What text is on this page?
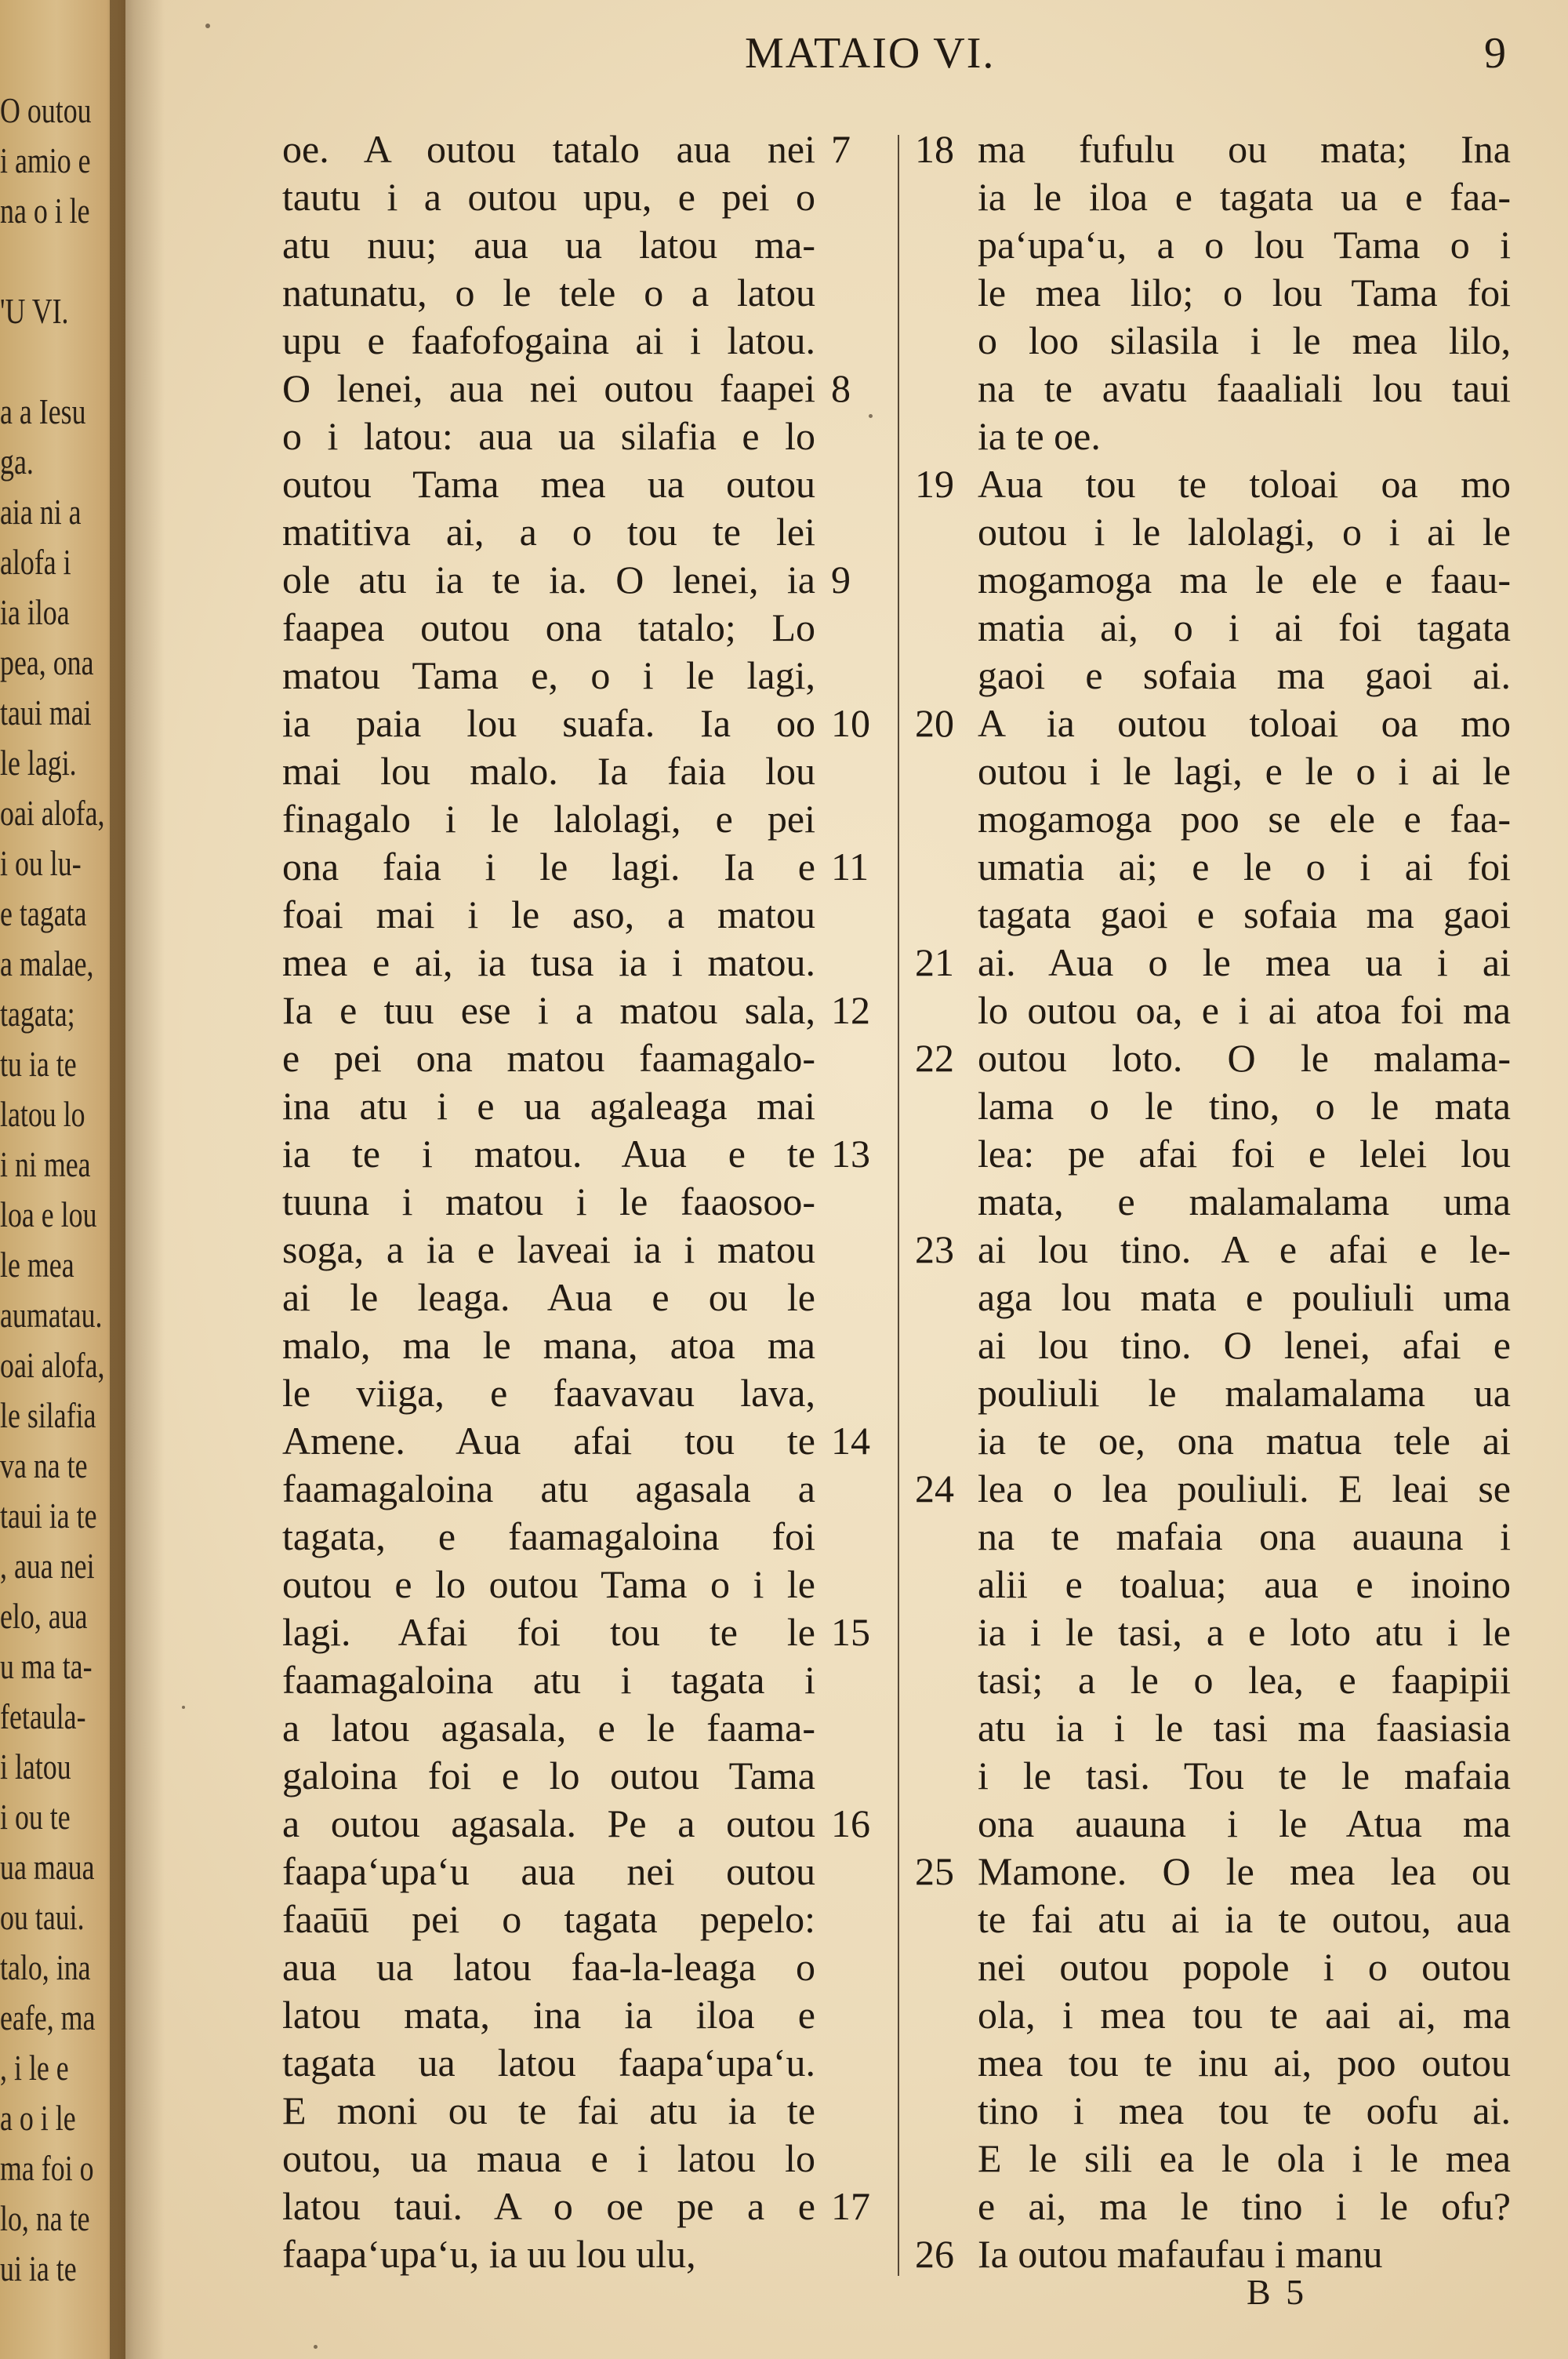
O outou
i amio e
na o i le
'U VI.
a a Iesu
ga.
aia ni a
alofa i
ia iloa
pea, ona
taui mai
le lagi.
oai alofa,
i ou lu-
e tagata
a malae,
tagata;
tu ia te
latou lo
i ni mea
loa e lou
le mea
aumatau.
oai alofa,
le silafia
va na te
taui ia te
, aua nei
elo, aua
u ma ta-
fetaula-
i latou
i ou te
ua maua
ou taui.
talo, ina
eafe, ma
, i le e
a o i le
ma foi o
lo, na te
ui ia te
MATAIO VI.	9
oe. A outou tatalo aua nei
tautu i a outou upu, e pei o
atu nuu; aua ua latou ma-
natunatu, o le tele o a latou
upu e faafofogaina ai i latou.
O lenei, aua nei outou faapei
o i latou: aua ua silafia e lo
outou Tama mea ua outou
matitiva ai, a o tou te lei
ole atu ia te ia. O lenei, ia
faapea outou ona tatalo; Lo
matou Tama e, o i le lagi,
ia paia lou suafa. Ia oo
mai lou malo. Ia faia lou
finagalo i le lalolagi, e pei
ona faia i le lagi. Ia e
foai mai i le aso, a matou
mea e ai, ia tusa ia i matou.
Ia e tuu ese i a matou sala,
e pei ona matou faamagalo-
ina atu i e ua agaleaga mai
ia te i matou. Aua e te
tuuna i matou i le faaosoo-
soga, a ia e laveai ia i matou
ai le leaga. Aua e ou le
malo, ma le mana, atoa ma
le viiga, e faavavau lava,
Amene. Aua afai tou te
faamagaloina atu agasala a
tagata, e faamagaloina foi
outou e lo outou Tama o i le
lagi. Afai foi tou te le
faamagaloina atu i tagata i
a latou agasala, e le faama-
galoina foi e lo outou Tama
a outou agasala. Pe a outou
faapa‘upa‘u aua nei outou
faaūū pei o tagata pepelo:
aua ua latou faa-la-leaga o
latou mata, ina ia iloa e
tagata ua latou faapa‘upa‘u.
E moni ou te fai atu ia te
outou, ua maua e i latou lo
latou taui. A o oe pe a e
faapa‘upa‘u, ia uu lou ulu,
ma fufulu ou mata; Ina
ia le iloa e tagata ua e faa-
pa‘upa‘u, a o lou Tama o i
le mea lilo; o lou Tama foi
o loo silasila i le mea lilo,
na te avatu faaaliali lou taui
ia te oe.
Aua tou te toloai oa mo
outou i le lalolagi, o i ai le
mogamoga ma le ele e faau-
matia ai, o i ai foi tagata
gaoi e sofaia ma gaoi ai.
A ia outou toloai oa mo
outou i le lagi, e le o i ai le
mogamoga poo se ele e faa-
umatia ai; e le o i ai foi
tagata gaoi e sofaia ma gaoi
ai. Aua o le mea ua i ai
lo outou oa, e i ai atoa foi ma
outou loto. O le malama-
lama o le tino, o le mata
lea: pe afai foi e lelei lou
mata, e malamalama uma
ai lou tino. A e afai e le-
aga lou mata e pouliuli uma
ai lou tino. O lenei, afai e
pouliuli le malamalama ua
ia te oe, ona matua tele ai
lea o lea pouliuli. E leai se
na te mafaia ona auauna i
alii e toalua; aua e inoino
ia i le tasi, a e loto atu i le
tasi; a le o lea, e faapipii
atu ia i le tasi ma faasiasia
i le tasi. Tou te le mafaia
ona auauna i le Atua ma
Mamone. O le mea lea ou
te fai atu ai ia te outou, aua
nei outou popole i o outou
ola, i mea tou te aai ai, ma
mea tou te inu ai, poo outou
tino i mea tou te oofu ai.
E le sili ea le ola i le mea
e ai, ma le tino i le ofu?
Ia outou mafaufau i manu
7
8
9
10
11
12
13
14
15
16
17
18
19
20
21
22
23
24
25
26
B 5
